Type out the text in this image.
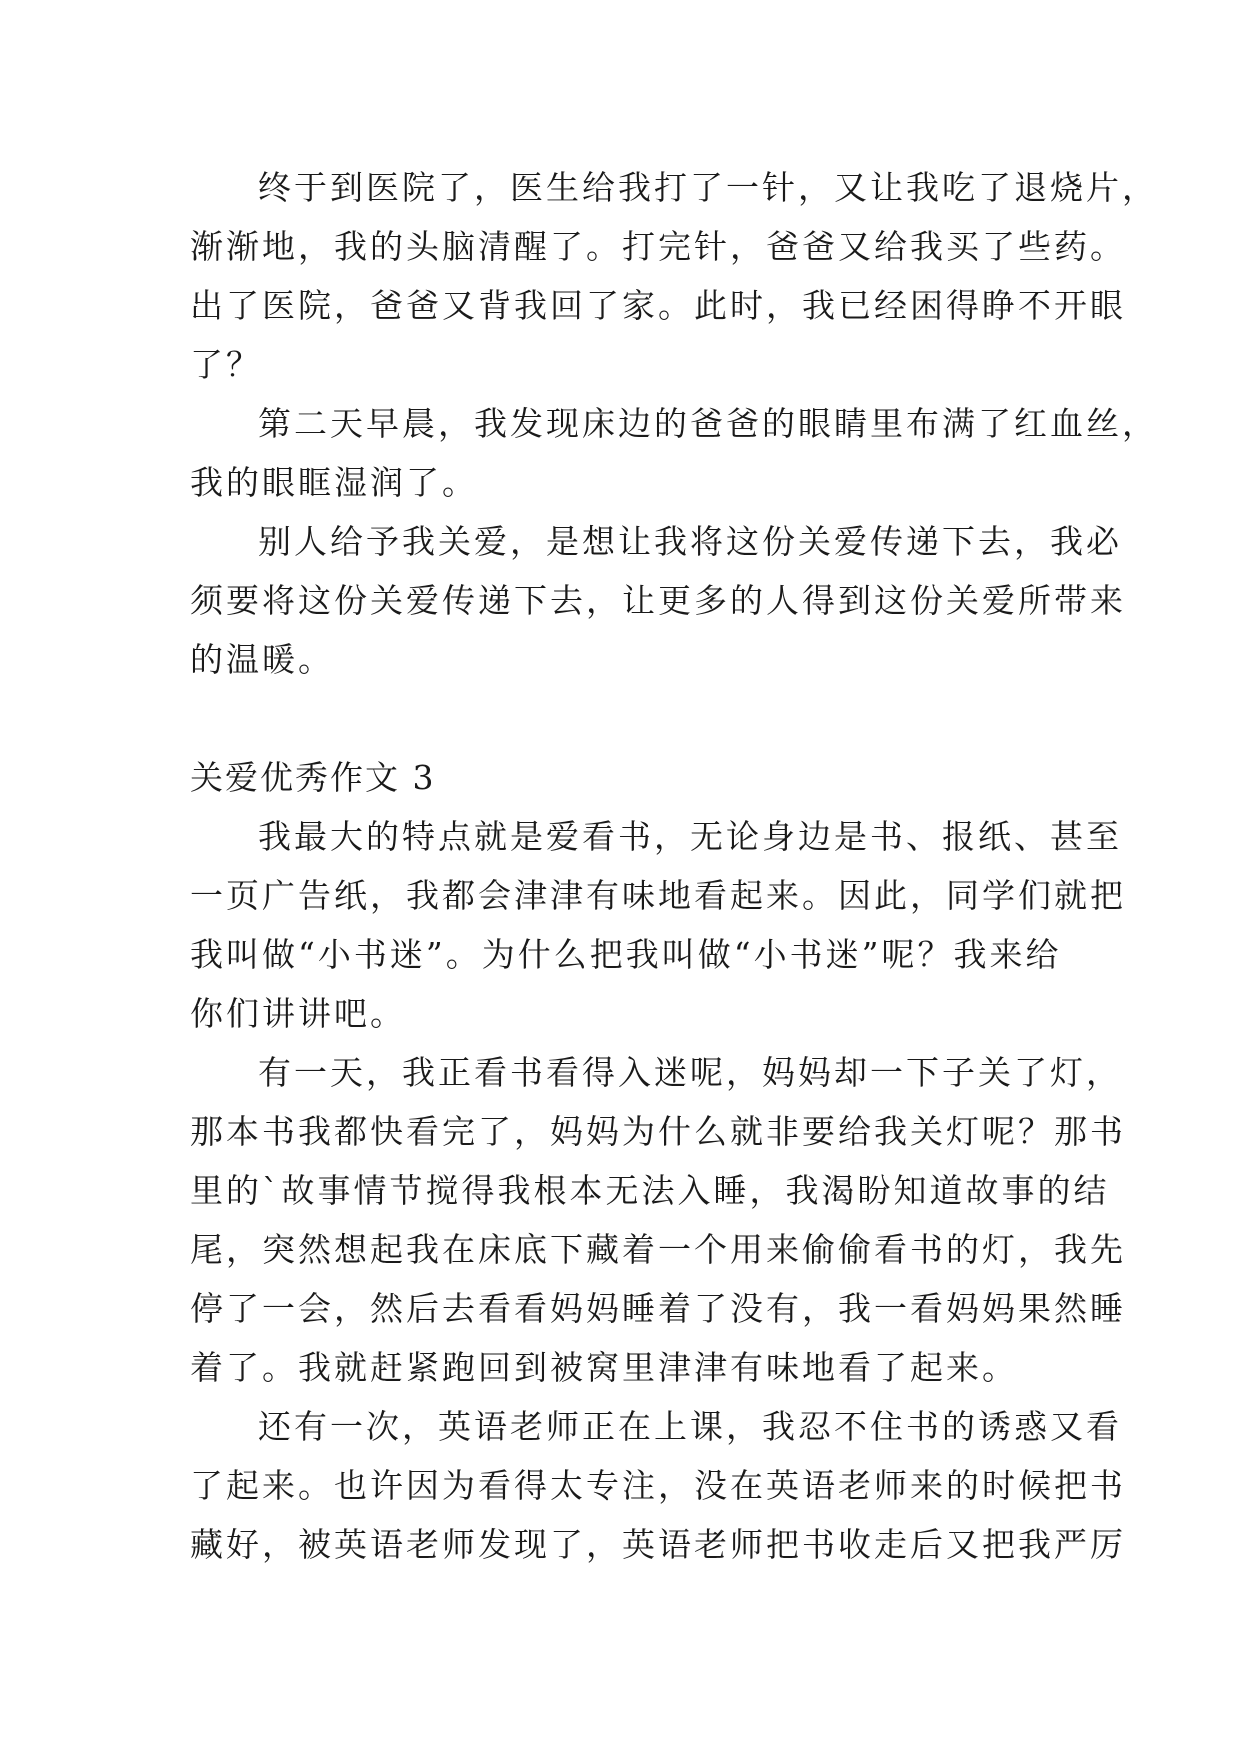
终于到医院了，医生给我打了一针，又让我吃了退烧片，
渐渐地，我的头脑清醒了。打完针，爸爸又给我买了些药。
出了医院，爸爸又背我回了家。此时，我已经困得睁不开眼
了？
第二天早晨，我发现床边的爸爸的眼睛里布满了红血丝，
我的眼眶湿润了。
别人给予我关爱，是想让我将这份关爱传递下去，我必
须要将这份关爱传递下去，让更多的人得到这份关爱所带来
的温暖。
关爱优秀作文 3
我最大的特点就是爱看书，无论身边是书、报纸、甚至
一页广告纸，我都会津津有味地看起来。因此，同学们就把
我叫做“小书迷”。为什么把我叫做“小书迷”呢？我来给
你们讲讲吧。
有一天，我正看书看得入迷呢，妈妈却一下子关了灯，
那本书我都快看完了，妈妈为什么就非要给我关灯呢？那书
里的`故事情节搅得我根本无法入睡，我渴盼知道故事的结
尾，突然想起我在床底下藏着一个用来偷偷看书的灯，我先
停了一会，然后去看看妈妈睡着了没有，我一看妈妈果然睡
着了。我就赶紧跑回到被窝里津津有味地看了起来。
还有一次，英语老师正在上课，我忍不住书的诱惑又看
了起来。也许因为看得太专注，没在英语老师来的时候把书
藏好，被英语老师发现了，英语老师把书收走后又把我严厉
